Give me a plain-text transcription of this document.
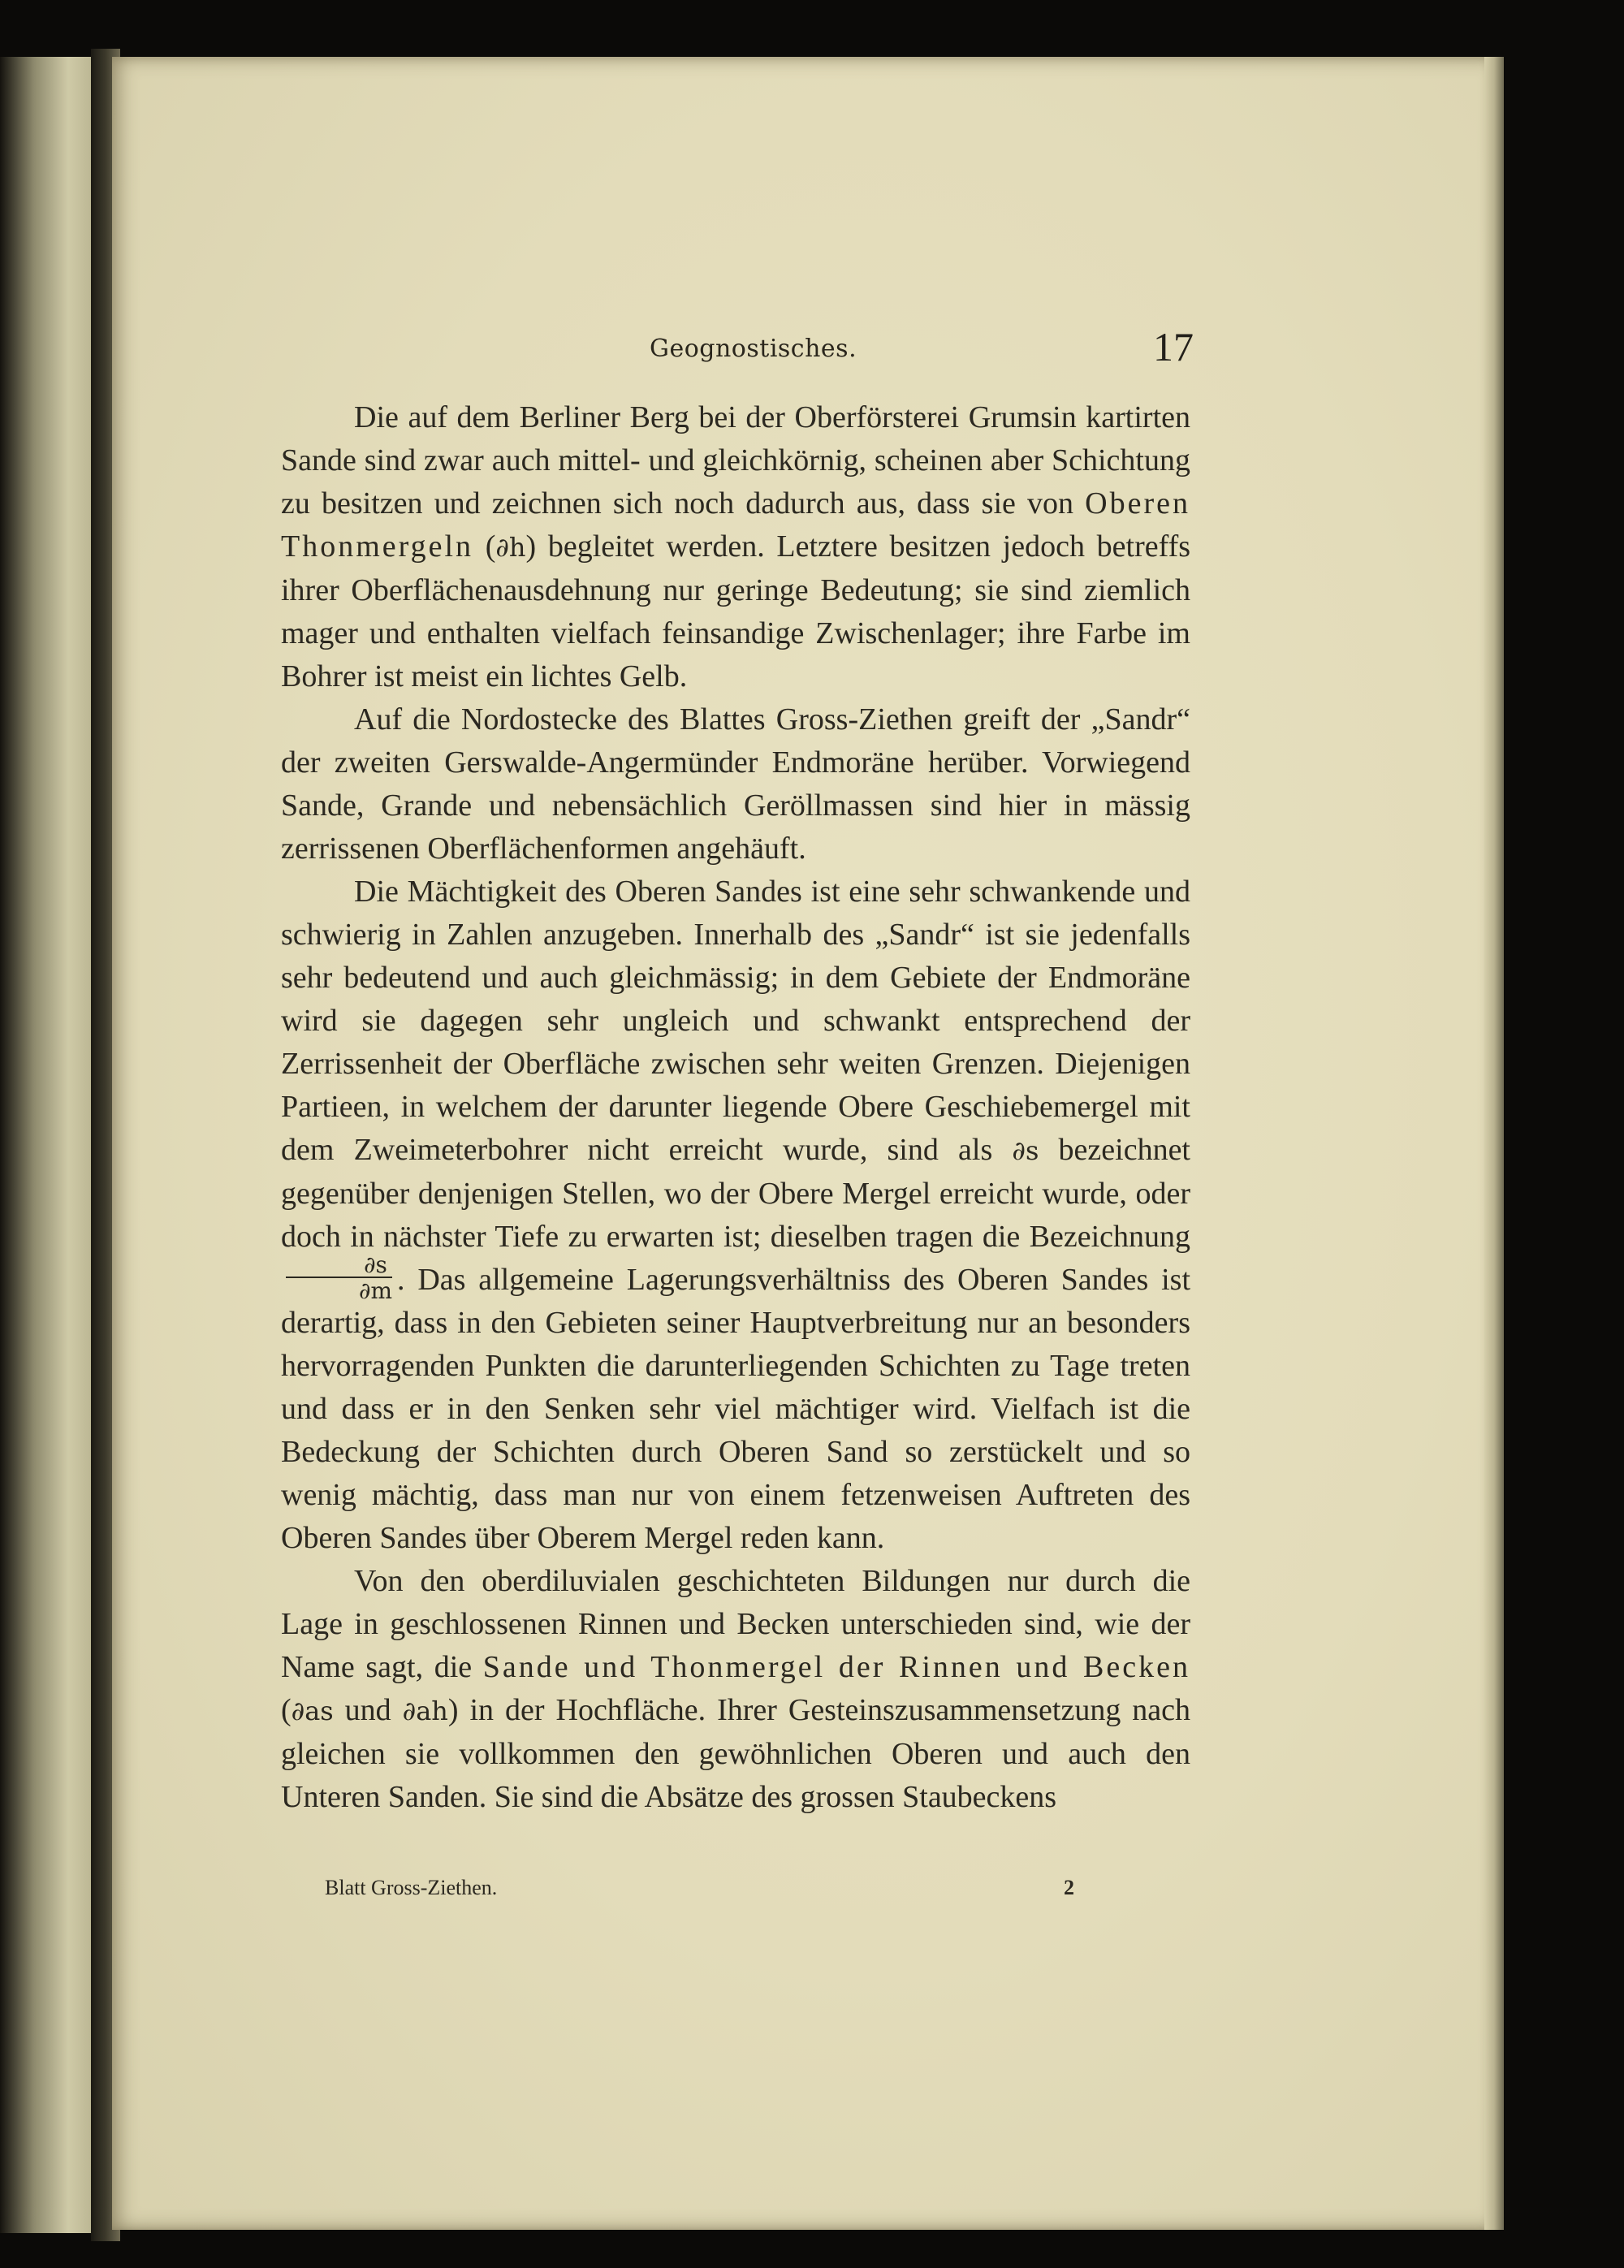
Geognostisches.	17

Die auf dem Berliner Berg bei der Oberförsterei Grumsin kartirten Sande sind zwar auch mittel- und gleichkörnig, scheinen aber Schichtung zu besitzen und zeichnen sich noch dadurch aus, dass sie von Oberen Thonmergeln (∂h) begleitet werden. Letztere besitzen jedoch betreffs ihrer Oberflächenausdehnung nur geringe Bedeutung; sie sind ziemlich mager und enthalten vielfach feinsandige Zwischenlager; ihre Farbe im Bohrer ist meist ein lichtes Gelb.

Auf die Nordostecke des Blattes Gross-Ziethen greift der „Sandr“ der zweiten Gerswalde-Angermünder Endmoräne herüber. Vorwiegend Sande, Grande und nebensächlich Geröllmassen sind hier in mässig zerrissenen Oberflächenformen angehäuft.

Die Mächtigkeit des Oberen Sandes ist eine sehr schwankende und schwierig in Zahlen anzugeben. Innerhalb des „Sandr“ ist sie jedenfalls sehr bedeutend und auch gleichmässig; in dem Gebiete der Endmoräne wird sie dagegen sehr ungleich und schwankt entsprechend der Zerrissenheit der Oberfläche zwischen sehr weiten Grenzen. Diejenigen Partieen, in welchem der darunter liegende Obere Geschiebemergel mit dem Zweimeterbohrer nicht erreicht wurde, sind als ∂s bezeichnet gegenüber denjenigen Stellen, wo der Obere Mergel erreicht wurde, oder doch in nächster Tiefe zu erwarten ist; dieselben tragen die Bezeichnung
$\frac{\partial s}{\partial m}$ . Das allgemeine Lagerungsverhältniss des Oberen Sandes ist derartig, dass in den Gebieten seiner Hauptverbreitung nur an besonders hervorragenden Punkten die darunterliegenden Schichten zu Tage treten und dass er in den Senken sehr viel mächtiger wird. Vielfach ist die Bedeckung der Schichten durch Oberen Sand so zerstückelt und so wenig mächtig, dass man nur von einem fetzenweisen Auftreten des Oberen Sandes über Oberem Mergel reden kann.

Von den oberdiluvialen geschichteten Bildungen nur durch die Lage in geschlossenen Rinnen und Becken unterschieden sind, wie der Name sagt, die Sande und Thonmergel der Rinnen und Becken (∂as und ∂ah) in der Hochfläche. Ihrer Gesteinszusammensetzung nach gleichen sie vollkommen den gewöhnlichen Oberen und auch den Unteren Sanden. Sie sind die Absätze des grossen Staubeckens

Blatt Gross-Ziethen.	2
